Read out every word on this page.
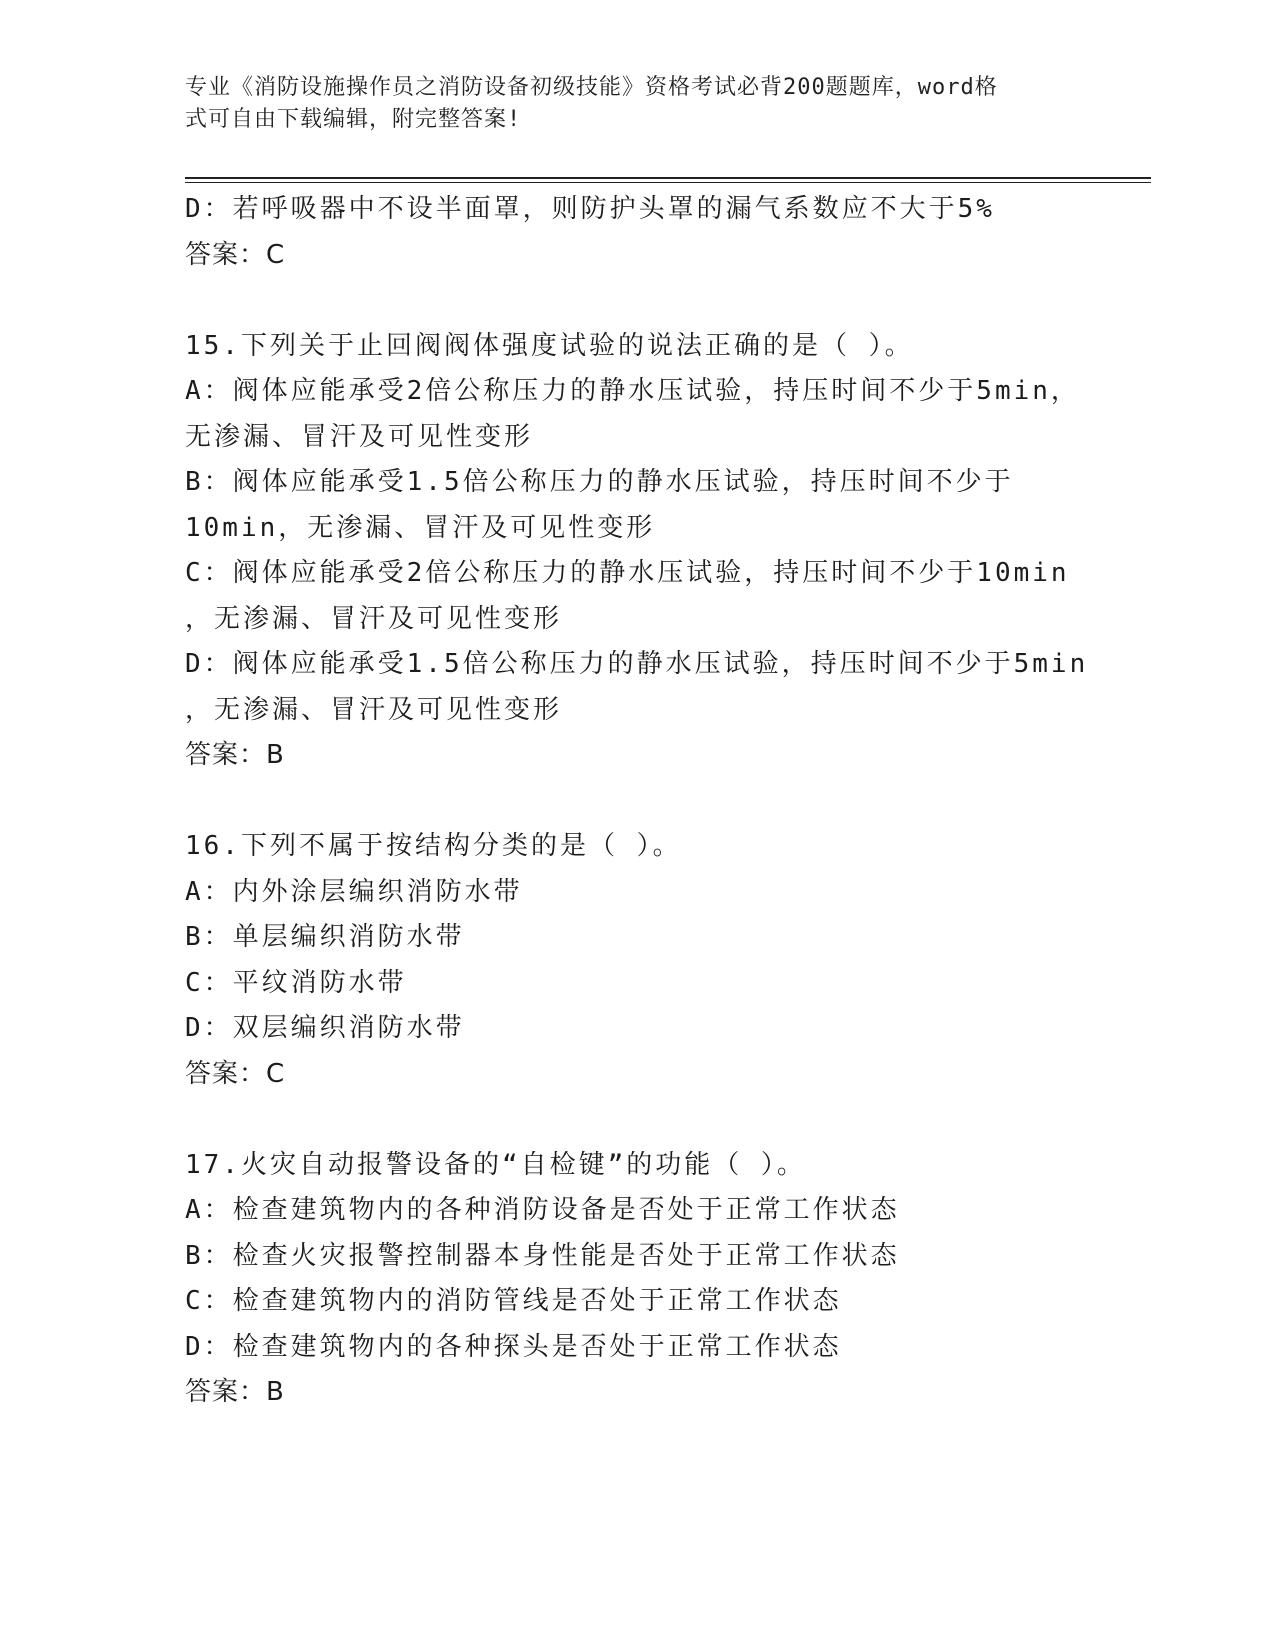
专业《消防设施操作员之消防设备初级技能》资格考试必背200题题库，word格
式可自由下载编辑，附完整答案!
D：若呼吸器中不设半面罩，则防护头罩的漏气系数应不大于5%
答案：C
15.下列关于止回阀阀体强度试验的说法正确的是（ ）。
A：阀体应能承受2倍公称压力的静水压试验，持压时间不少于5min，
无渗漏、冒汗及可见性变形
B：阀体应能承受1.5倍公称压力的静水压试验，持压时间不少于
10min，无渗漏、冒汗及可见性变形
C：阀体应能承受2倍公称压力的静水压试验，持压时间不少于10min
，无渗漏、冒汗及可见性变形
D：阀体应能承受1.5倍公称压力的静水压试验，持压时间不少于5min
，无渗漏、冒汗及可见性变形
答案：B
16.下列不属于按结构分类的是（ ）。
A：内外涂层编织消防水带
B：单层编织消防水带
C：平纹消防水带
D：双层编织消防水带
答案：C
17.火灾自动报警设备的“自检键”的功能（ ）。
A：检查建筑物内的各种消防设备是否处于正常工作状态
B：检查火灾报警控制器本身性能是否处于正常工作状态
C：检查建筑物内的消防管线是否处于正常工作状态
D：检查建筑物内的各种探头是否处于正常工作状态
答案：B
